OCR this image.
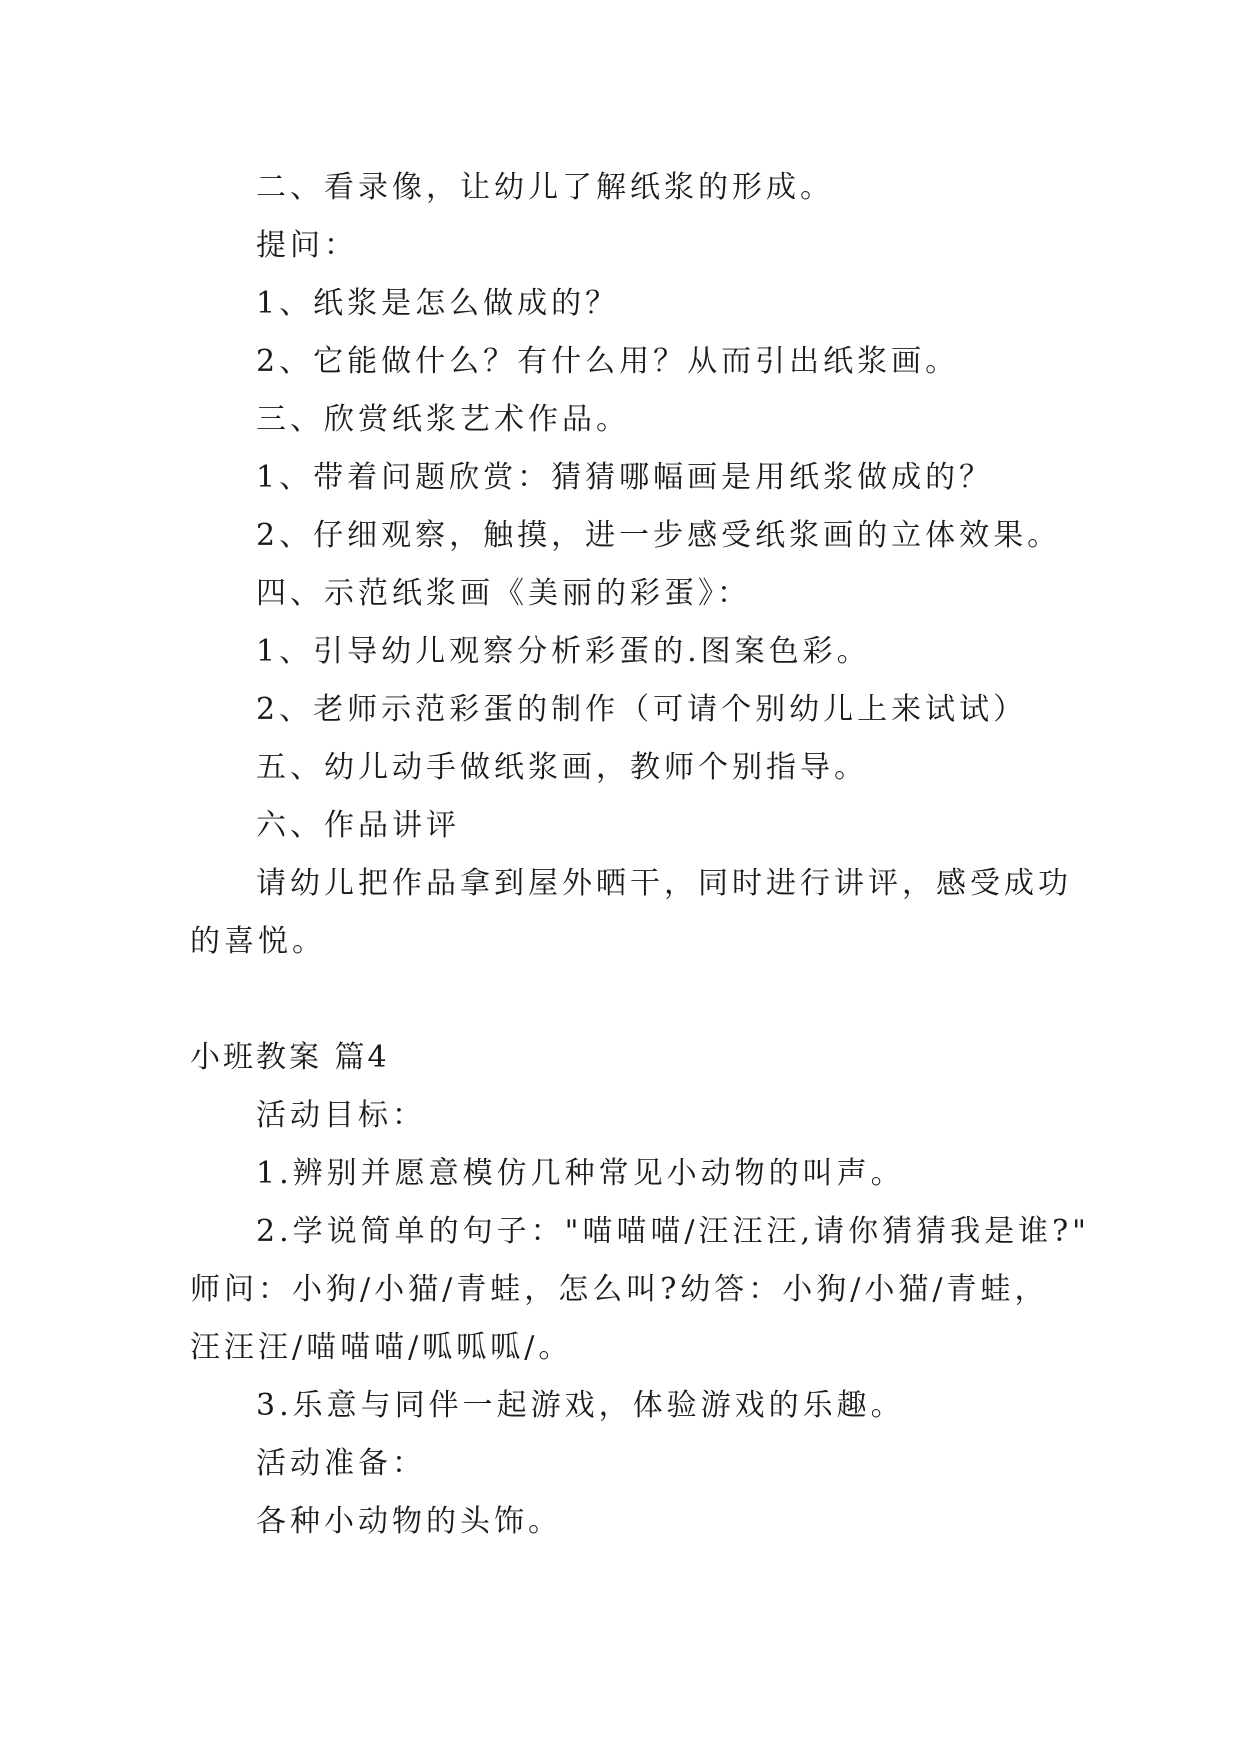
二、看录像，让幼儿了解纸浆的形成。
提问：
1、纸浆是怎么做成的？
2、它能做什么？有什么用？从而引出纸浆画。
三、欣赏纸浆艺术作品。
1、带着问题欣赏：猜猜哪幅画是用纸浆做成的？
2、仔细观察，触摸，进一步感受纸浆画的立体效果。
四、示范纸浆画《美丽的彩蛋》：
1、引导幼儿观察分析彩蛋的.图案色彩。
2、老师示范彩蛋的制作（可请个别幼儿上来试试）
五、幼儿动手做纸浆画，教师个别指导。
六、作品讲评
请幼儿把作品拿到屋外晒干，同时进行讲评，感受成功
的喜悦。
小班教案 篇4
活动目标：
1.辨别并愿意模仿几种常见小动物的叫声。
2.学说简单的句子："喵喵喵/汪汪汪,请你猜猜我是谁?"
师问：小狗/小猫/青蛙，怎么叫?幼答：小狗/小猫/青蛙，
汪汪汪/喵喵喵/呱呱呱/。
3.乐意与同伴一起游戏，体验游戏的乐趣。
活动准备：
各种小动物的头饰。
